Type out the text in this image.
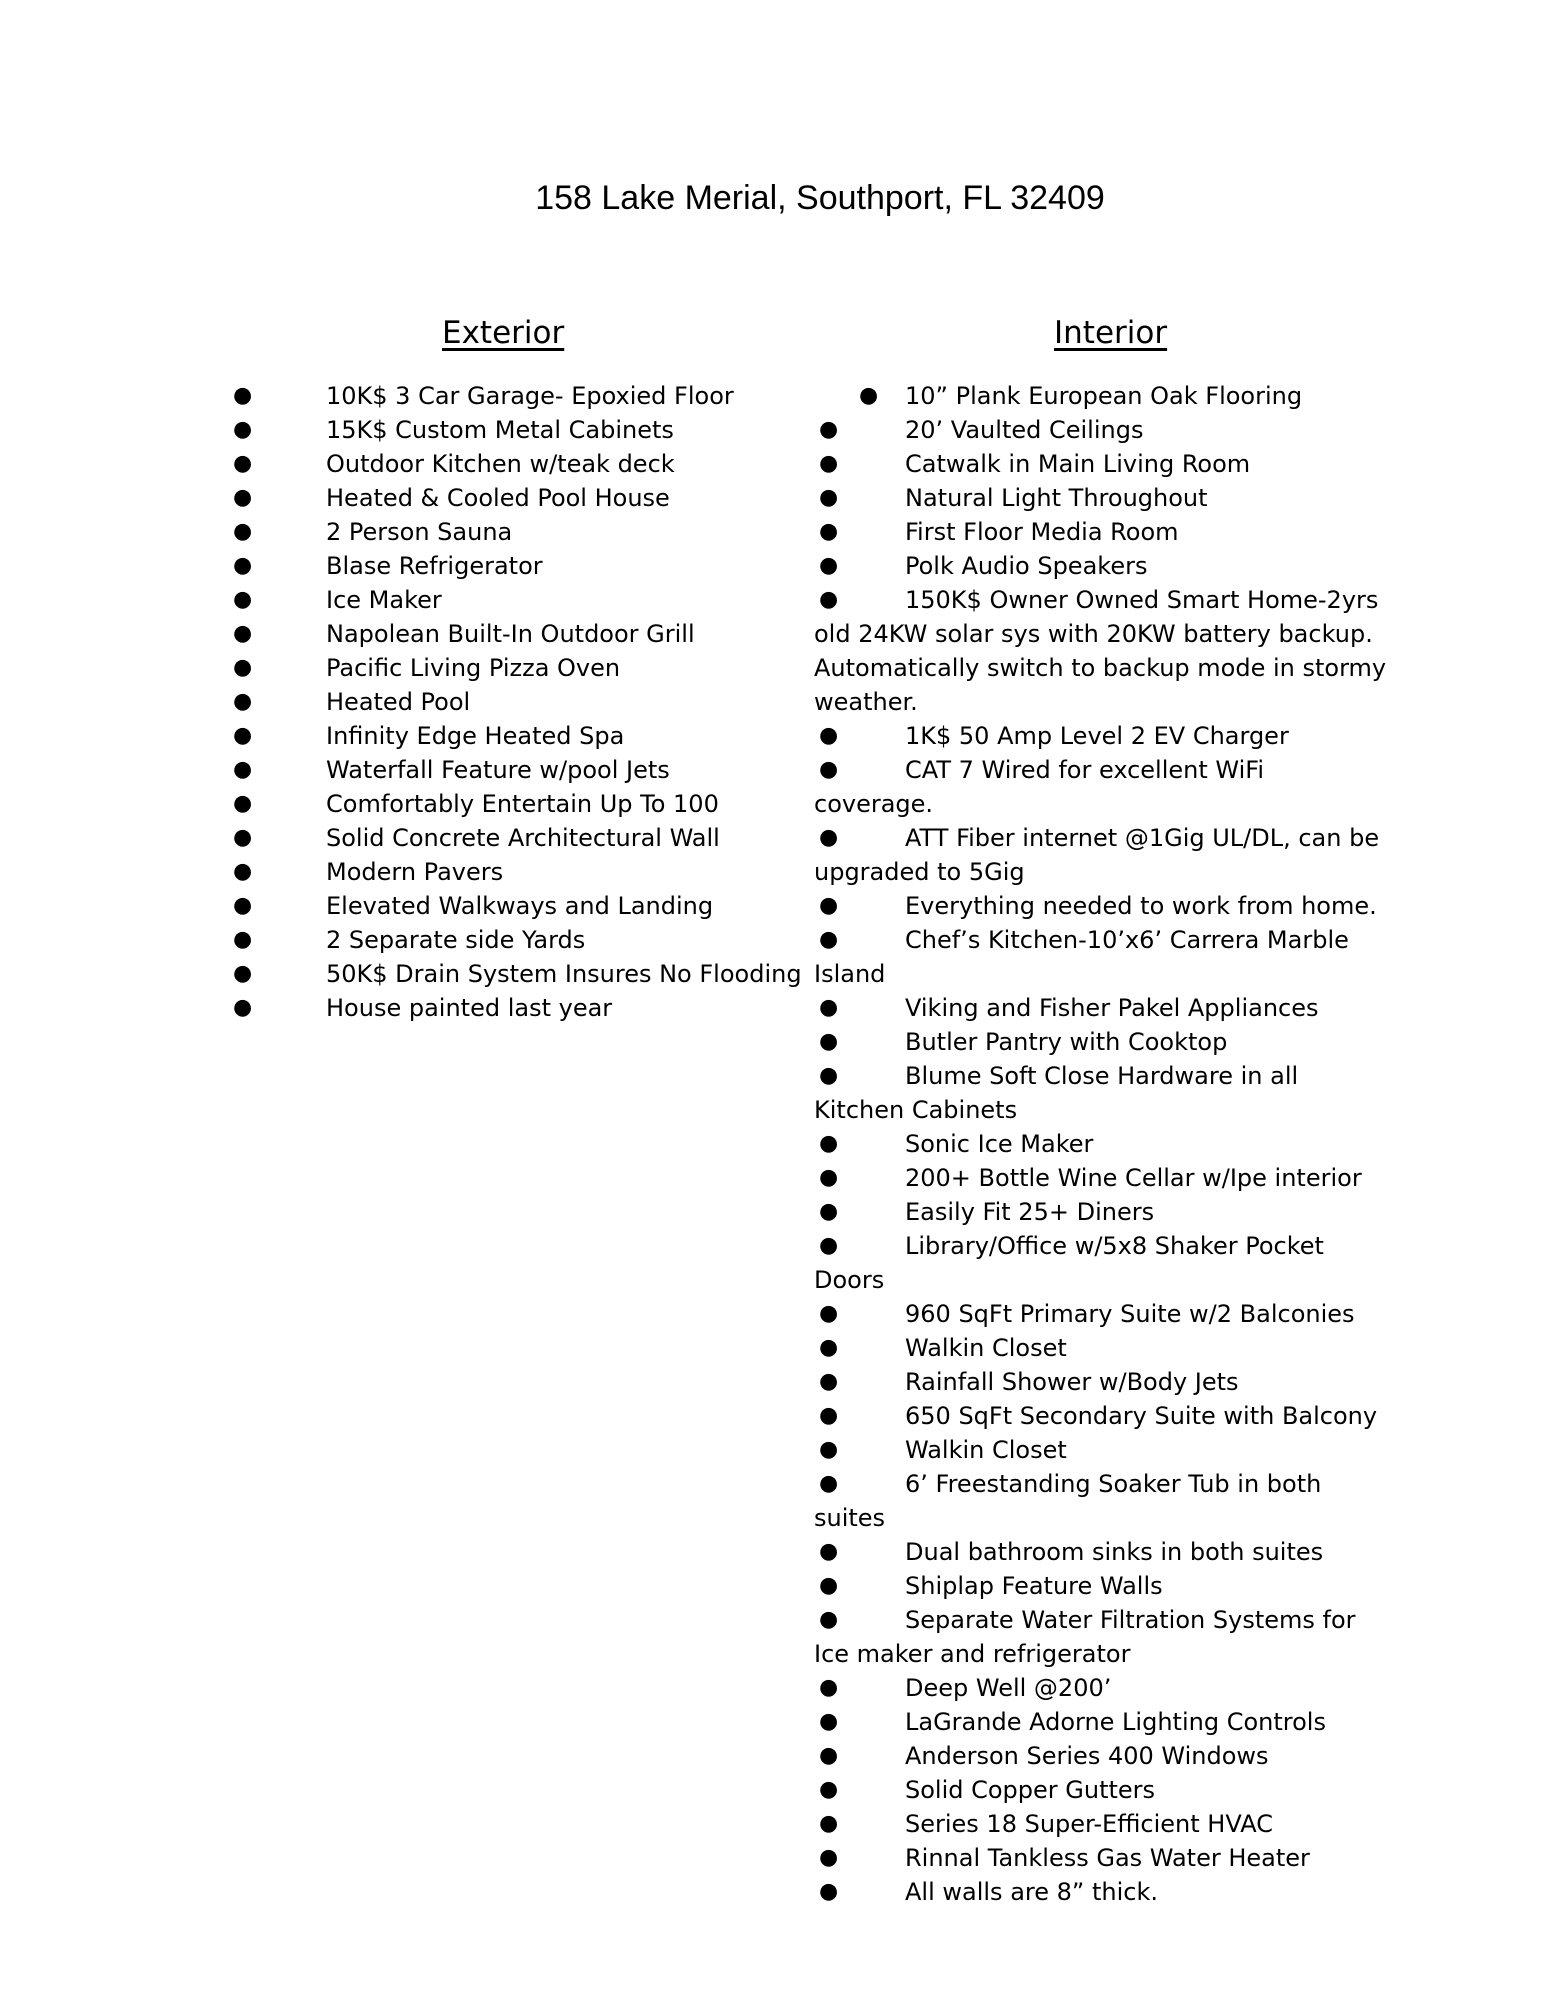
158 Lake Merial, Southport, FL 32409
Exterior	Interior
●	10K$ 3 Car Garage- Epoxied Floor
●	15K$ Custom Metal Cabinets
●	Outdoor Kitchen w/teak deck
●	Heated & Cooled Pool House
●	2 Person Sauna
●	Blase Refrigerator
●	Ice Maker
●	Napolean Built-In Outdoor Grill
●	Pacific Living Pizza Oven
●	Heated Pool
●	Infinity Edge Heated Spa
●	Waterfall Feature w/pool Jets
●	Comfortably Entertain Up To 100
●	Solid Concrete Architectural Wall
●	Modern Pavers
●	Elevated Walkways and Landing
●	2 Separate side Yards
●	50K$ Drain System Insures No Flooding
●	House painted last year
●	10” Plank European Oak Flooring
●	20’ Vaulted Ceilings
●	Catwalk in Main Living Room
●	Natural Light Throughout
●	First Floor Media Room
●	Polk Audio Speakers
●	150K$ Owner Owned Smart Home-2yrs old 24KW solar sys with 20KW battery backup. Automatically switch to backup mode in stormy weather.
●	1K$ 50 Amp Level 2 EV Charger
●	CAT 7 Wired for excellent WiFi coverage.
●	ATT Fiber internet @1Gig UL/DL, can be upgraded to 5Gig
●	Everything needed to work from home.
●	Chef’s Kitchen-10’x6’ Carrera Marble Island
●	Viking and Fisher Pakel Appliances
●	Butler Pantry with Cooktop
●	Blume Soft Close Hardware in all Kitchen Cabinets
●	Sonic Ice Maker
●	200+ Bottle Wine Cellar w/Ipe interior
●	Easily Fit 25+ Diners
●	Library/Office w/5x8 Shaker Pocket Doors
●	960 SqFt Primary Suite w/2 Balconies
●	Walkin Closet
●	Rainfall Shower w/Body Jets
●	650 SqFt Secondary Suite with Balcony
●	Walkin Closet
●	6’ Freestanding Soaker Tub in both suites
●	Dual bathroom sinks in both suites
●	Shiplap Feature Walls
●	Separate Water Filtration Systems for Ice maker and refrigerator
●	Deep Well @200’
●	LaGrande Adorne Lighting Controls
●	Anderson Series 400 Windows
●	Solid Copper Gutters
●	Series 18 Super-Efficient HVAC
●	Rinnal Tankless Gas Water Heater
●	All walls are 8” thick.
